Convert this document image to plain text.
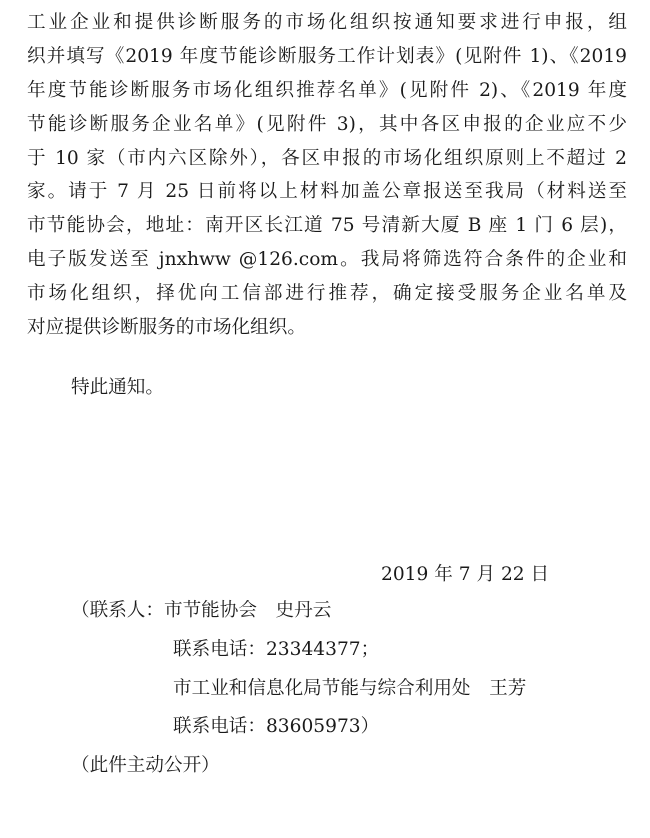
工业企业和提供诊断服务的市场化组织按通知要求进行申报，组
织并填写《2019 年度节能诊断服务工作计划表》(见附件 1)、《2019
年度节能诊断服务市场化组织推荐名单》(见附件 2)、《2019 年度
节能诊断服务企业名单》(见附件 3)，其中各区申报的企业应不少
于 10 家（市内六区除外），各区申报的市场化组织原则上不超过 2
家。请于 7 月 25 日前将以上材料加盖公章报送至我局（材料送至
市节能协会，地址：南开区长江道 75 号清新大厦 B 座 1 门 6 层)，
电子版发送至 jnxhww @126.com。我局将筛选符合条件的企业和
市场化组织，择优向工信部进行推荐，确定接受服务企业名单及
对应提供诊断服务的市场化组织。
特此通知。
2019 年 7 月 22 日
（联系人：市节能协会　史丹云
联系电话：23344377；
市工业和信息化局节能与综合利用处　王芳
联系电话：83605973）
（此件主动公开）
